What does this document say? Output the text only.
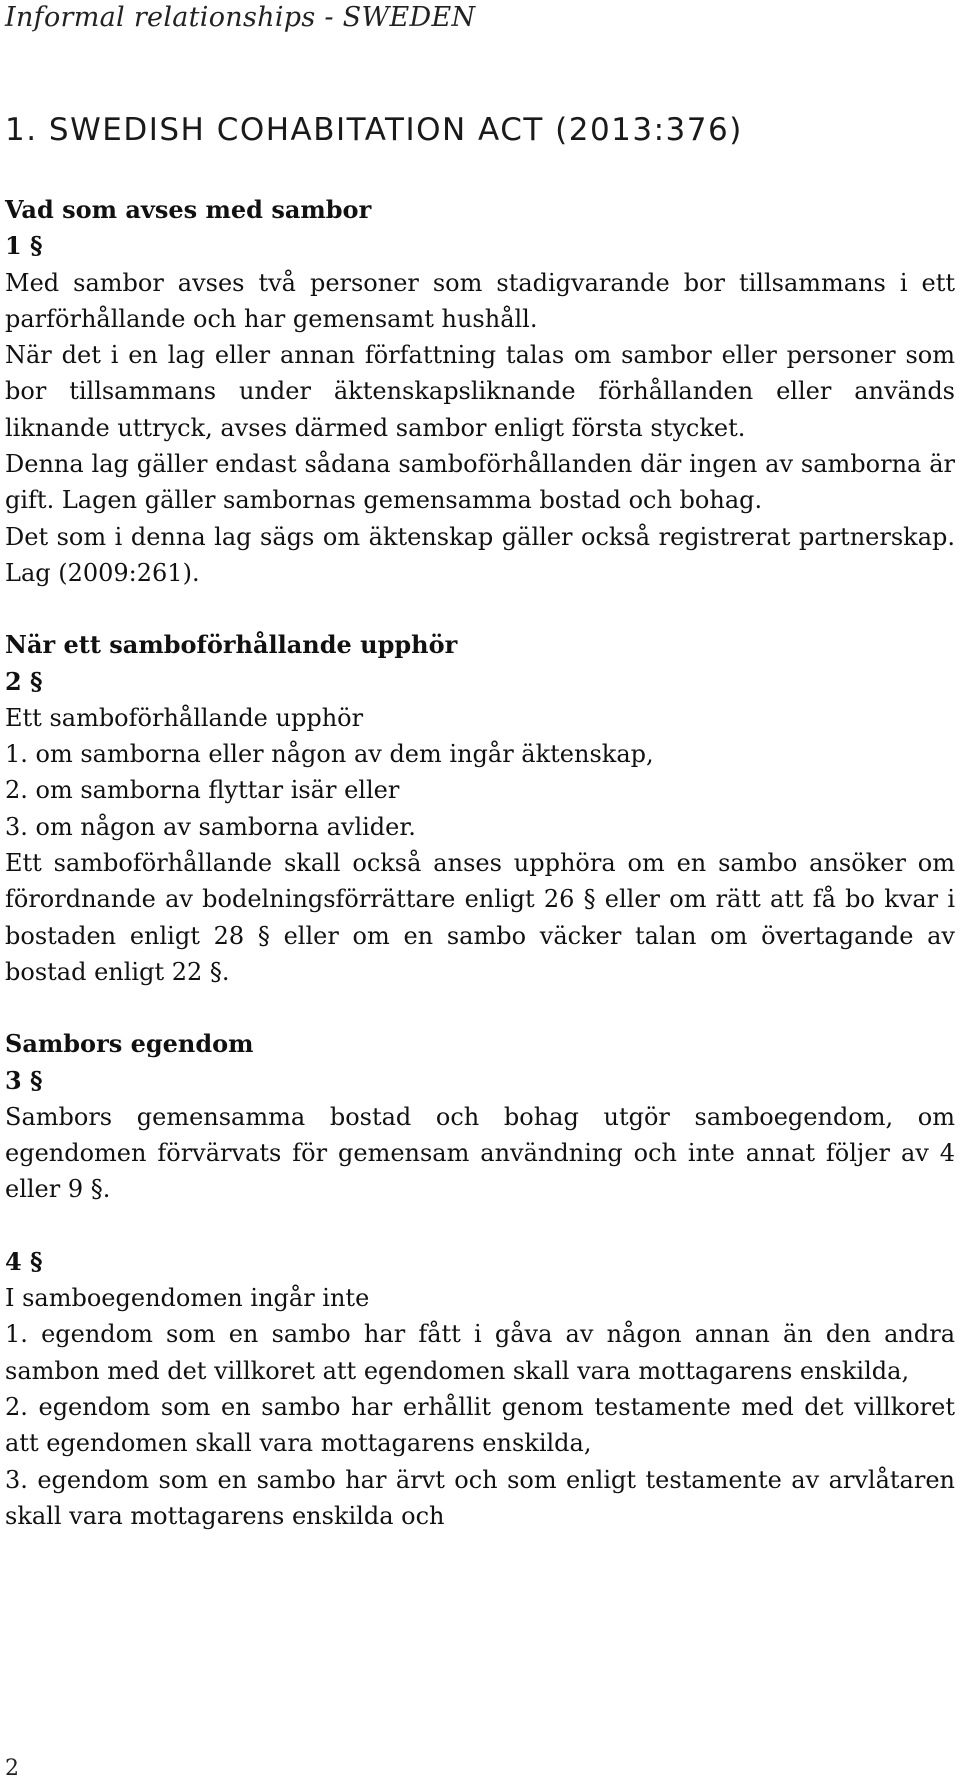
Informal relationships - SWEDEN
1. SWEDISH COHABITATION ACT (2013:376)

Vad som avses med sambor

1 §

Med sambor avses två personer som stadigvarande bor tillsammans i ett parförhållande och har gemensamt hushåll.

När det i en lag eller annan författning talas om sambor eller personer som bor tillsammans under äktenskapsliknande förhållanden eller används liknande uttryck, avses därmed sambor enligt första stycket.

Denna lag gäller endast sådana samboförhållanden där ingen av samborna är gift. Lagen gäller sambornas gemensamma bostad och bohag.

Det som i denna lag sägs om äktenskap gäller också registrerat partnerskap. Lag (2009:261).

När ett samboförhållande upphör

2 §

Ett samboförhållande upphör

1. om samborna eller någon av dem ingår äktenskap,

2. om samborna flyttar isär eller

3. om någon av samborna avlider.

Ett samboförhållande skall också anses upphöra om en sambo ansöker om förordnande av bodelningsförrättare enligt 26 § eller om rätt att få bo kvar i bostaden enligt 28 § eller om en sambo väcker talan om övertagande av bostad enligt 22 §.

Sambors egendom

3 §

Sambors gemensamma bostad och bohag utgör samboegendom, om egendomen förvärvats för gemensam användning och inte annat följer av 4 eller 9 §.

4 §

I samboegendomen ingår inte

1. egendom som en sambo har fått i gåva av någon annan än den andra sambon med det villkoret att egendomen skall vara mottagarens enskilda,

2. egendom som en sambo har erhållit genom testamente med det villkoret att egendomen skall vara mottagarens enskilda,

3. egendom som en sambo har ärvt och som enligt testamente av arvlåtaren skall vara mottagarens enskilda och

2
